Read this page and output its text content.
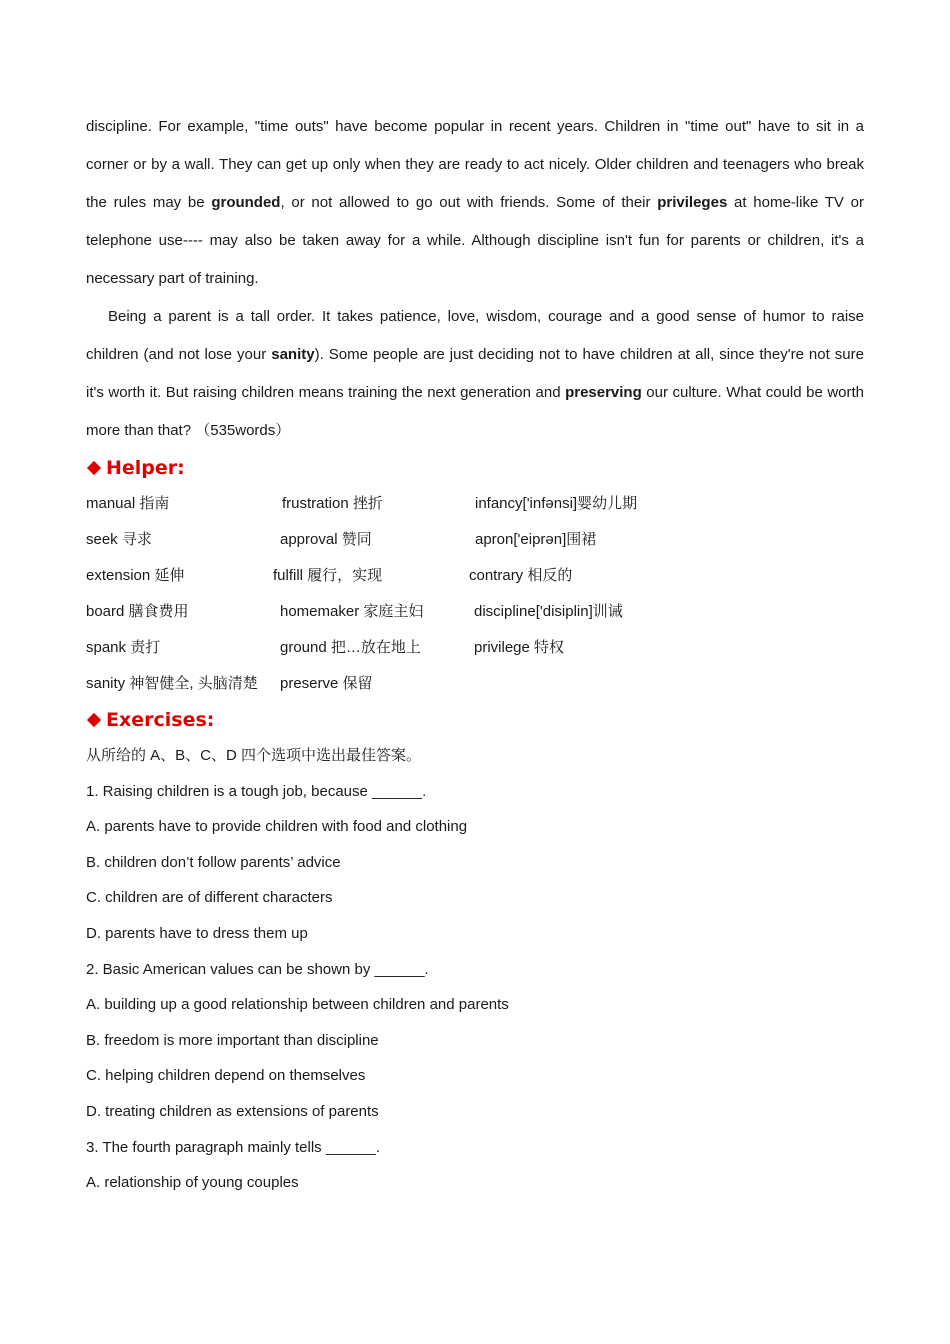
discipline. For example, "time outs" have become popular in recent years. Children in "time out" have to sit in a corner or by a wall. They can get up only when they are ready to act nicely. Older children and teenagers who break the rules may be grounded, or not allowed to go out with friends. Some of their privileges at home-like TV or telephone use---- may also be taken away for a while. Although discipline isn't fun for parents or children, it's a necessary part of training.

Being a parent is a tall order. It takes patience, love, wisdom, courage and a good sense of humor to raise children (and not lose your sanity). Some people are just deciding not to have children at all, since they're not sure it's worth it. But raising children means training the next generation and preserving our culture. What could be worth more than that? （535words）

Helper:
manual 指南	frustration 挫折	infancy['infənsi]婴幼儿期
seek 寻求	approval 赞同	apron['eiprən]围裙
extension 延伸	fulfill 履行，实现	contrary 相反的
board 膳食费用	homemaker 家庭主妇	discipline['disiplin]训诫
spank 责打	ground 把…放在地上	privilege 特权
sanity 神智健全, 头脑清楚 preserve 保留
Exercises:

从所给的 A、B、C、D 四个选项中选出最佳答案。

1. Raising children is a tough job, because ______.

A. parents have to provide children with food and clothing

B. children don’t follow parents’ advice

C. children are of different characters

D. parents have to dress them up

2. Basic American values can be shown by ______.

A. building up a good relationship between children and parents

B. freedom is more important than discipline

C. helping children depend on themselves

D. treating children as extensions of parents

3. The fourth paragraph mainly tells ______.

A. relationship of young couples
